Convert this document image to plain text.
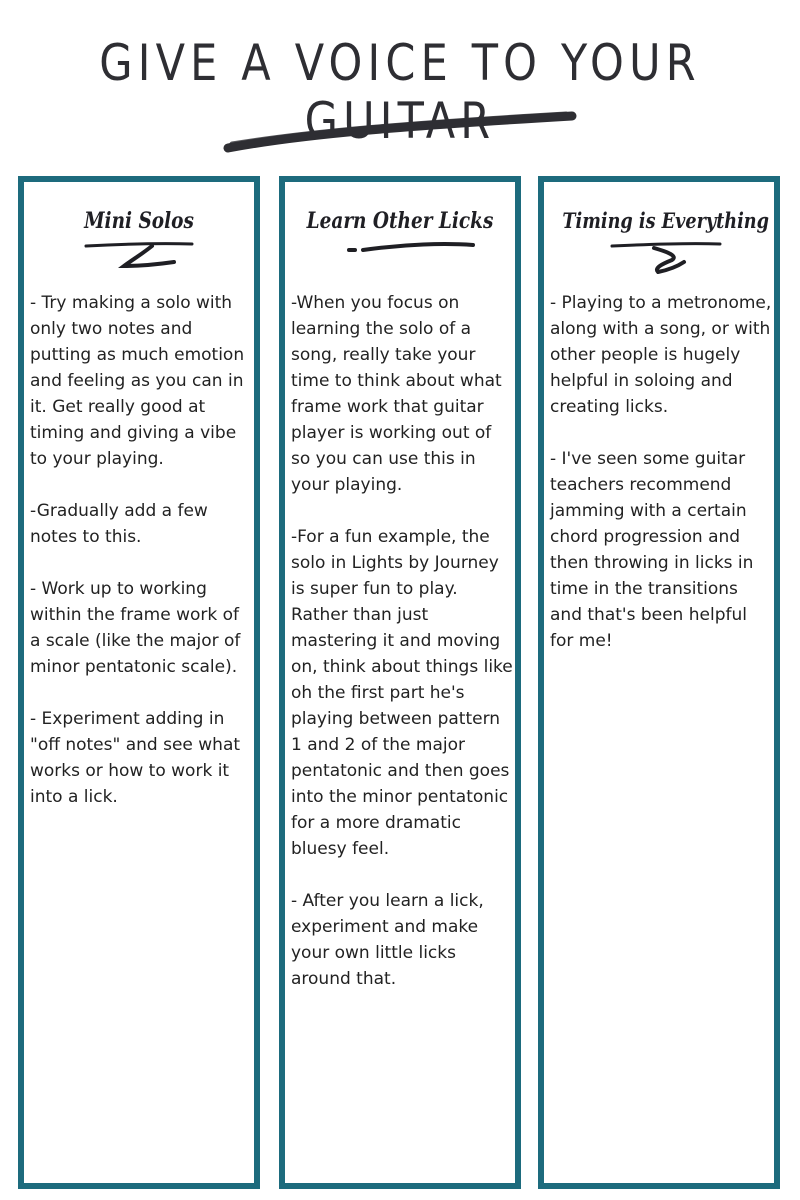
GIVE A VOICE TO YOUR GUITAR
Mini Solos

- Try making a solo with only two notes and putting as much emotion and feeling as you can in it. Get really good at timing and giving a vibe to your playing.

-Gradually add a few notes to this.

- Work up to working within the frame work of a scale (like the major of minor pentatonic scale).

- Experiment adding in "off notes" and see what works or how to work it into a lick.

Learn Other Licks

-When you focus on learning the solo of a song, really take your time to think about what frame work that guitar player is working out of so you can use this in your playing.

-For a fun example, the solo in Lights by Journey is super fun to play. Rather than just mastering it and moving on, think about things like oh the first part he's playing between pattern 1 and 2 of the major pentatonic and then goes into the minor pentatonic for a more dramatic bluesy feel.

- After you learn a lick, experiment and make your own little licks around that.

Timing is Everything

- Playing to a metronome, along with a song, or with other people is hugely helpful in soloing and creating licks.

- I've seen some guitar teachers recommend jamming with a certain chord progression and then throwing in licks in time in the transitions and that's been helpful for me!
